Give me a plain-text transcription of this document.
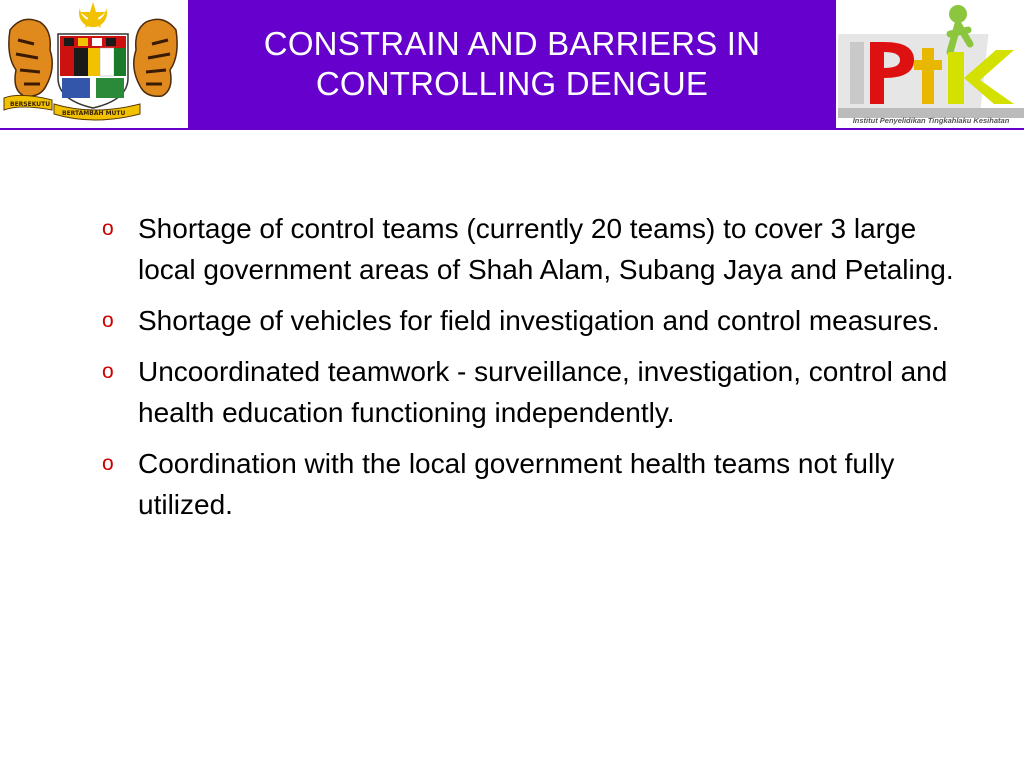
BERSEKUTU
BERTAMBAH MUTU
CONSTRAIN AND BARRIERS IN
CONTROLLING DENGUE
Institut Penyelidikan Tingkahlaku Kesihatan
o Shortage of control teams (currently 20 teams) to cover 3 large local government areas of Shah Alam, Subang Jaya and Petaling.
o Shortage of vehicles for field investigation and control measures.
o Uncoordinated teamwork - surveillance, investigation, control and health education functioning independently.
o Coordination with the local government health teams not fully utilized.
